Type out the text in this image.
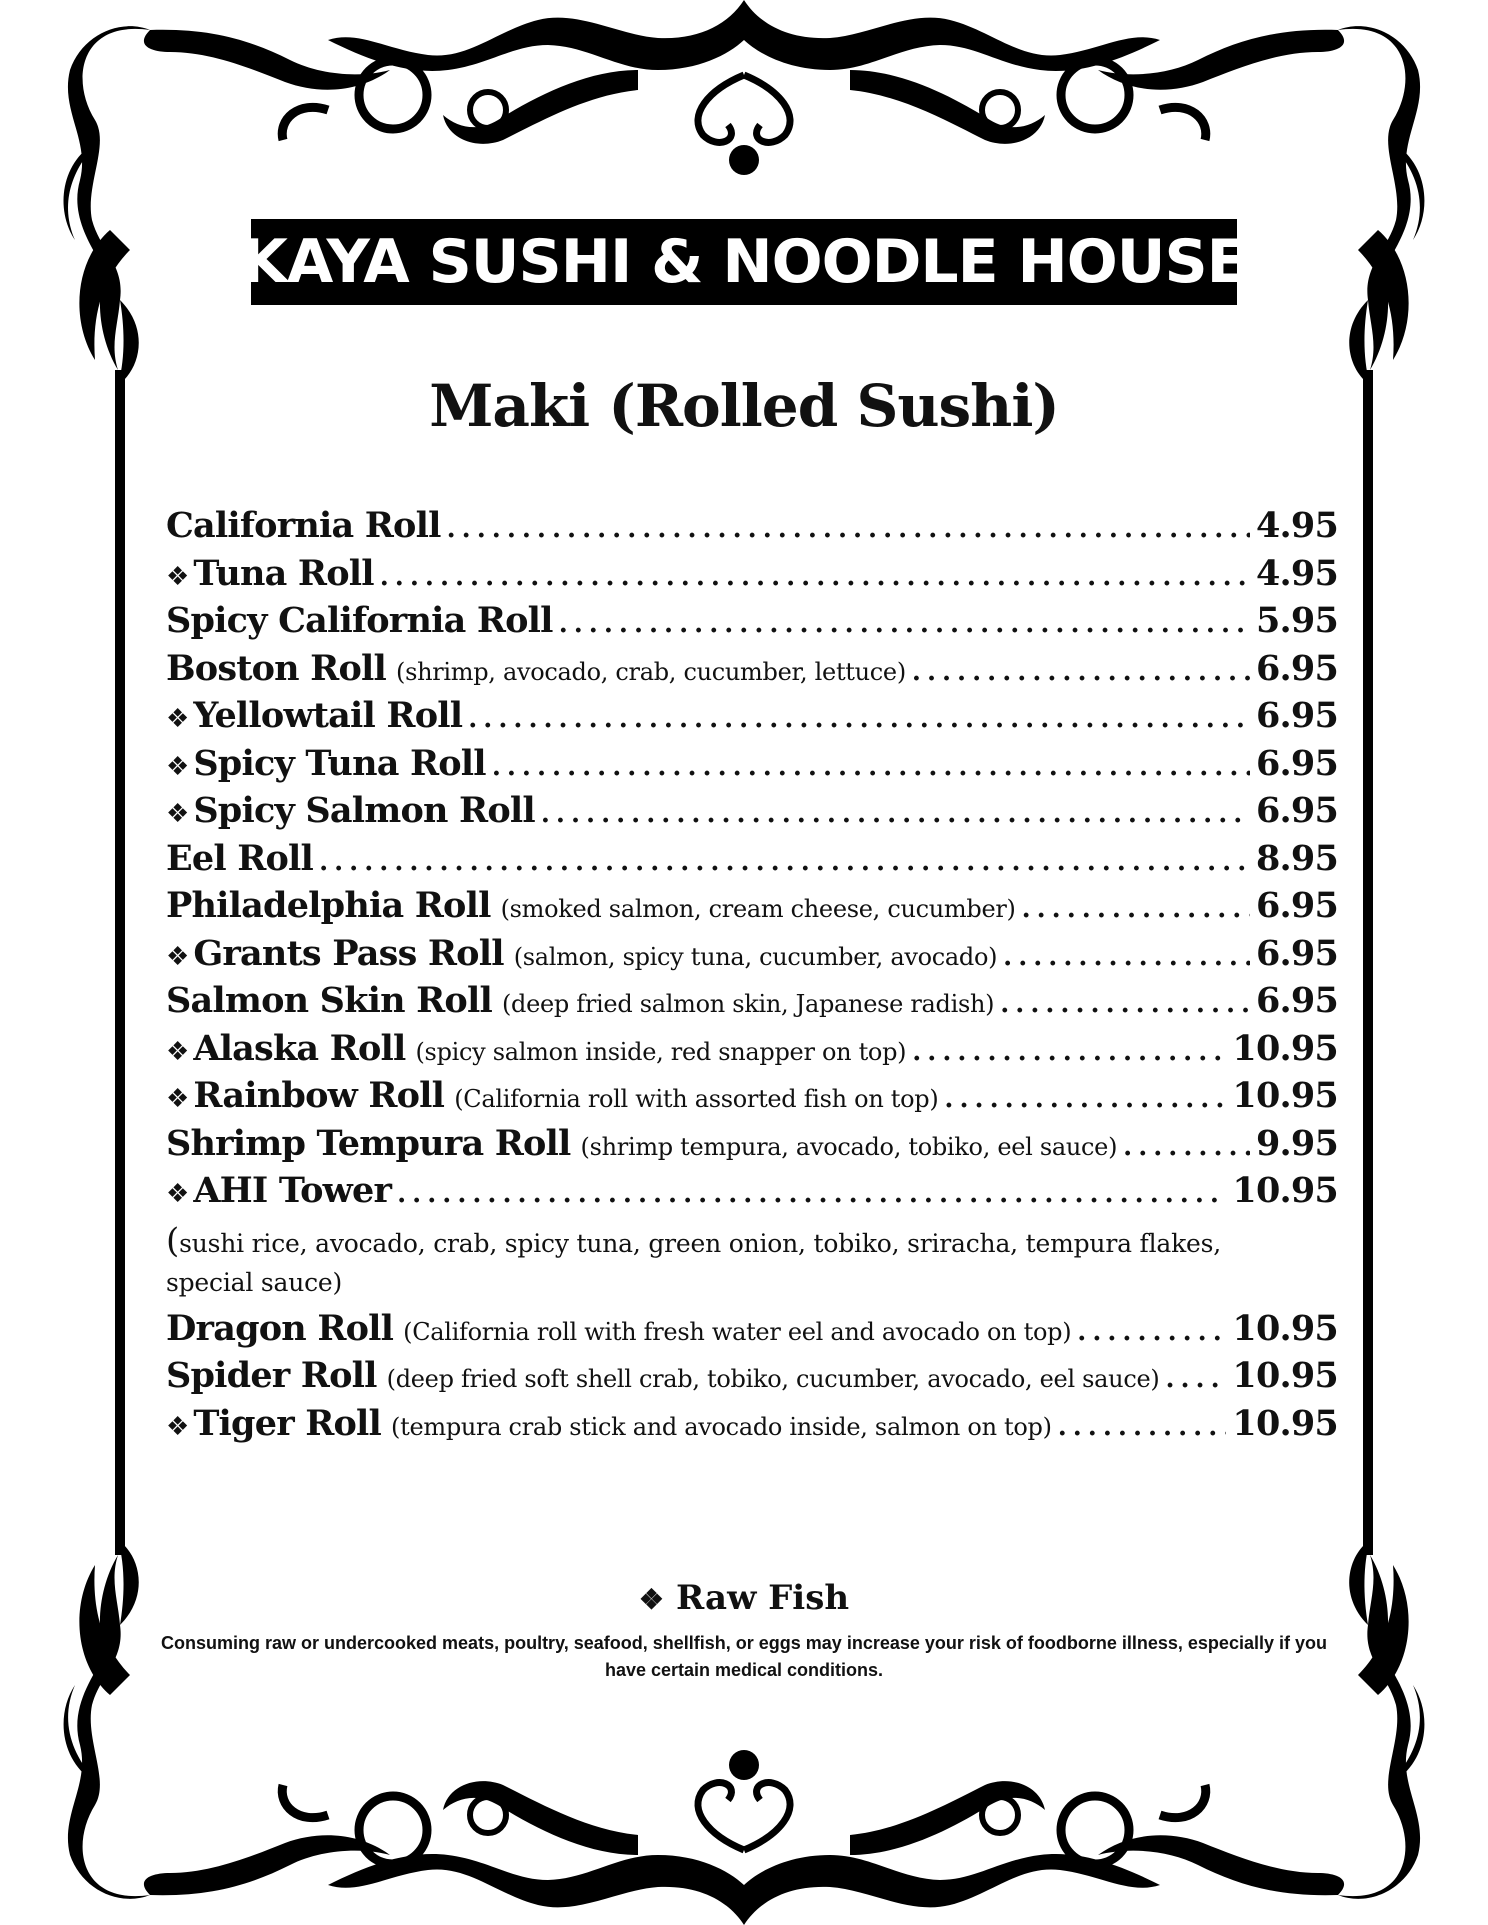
KAYA SUSHI & NOODLE HOUSE
Maki (Rolled Sushi)
California Roll .....	4.95
❖ Tuna Roll .....	4.95
Spicy California Roll .....	5.95
Boston Roll (shrimp, avocado, crab, cucumber, lettuce) .....	6.95
❖ Yellowtail Roll .....	6.95
❖ Spicy Tuna Roll .....	6.95
❖ Spicy Salmon Roll .....	6.95
Eel Roll .....	8.95
Philadelphia Roll (smoked salmon, cream cheese, cucumber) .....	6.95
❖ Grants Pass Roll (salmon, spicy tuna, cucumber, avocado) .....	6.95
Salmon Skin Roll (deep fried salmon skin, Japanese radish) .....	6.95
❖ Alaska Roll (spicy salmon inside, red snapper on top) .....	10.95
❖ Rainbow Roll (California roll with assorted fish on top) .....	10.95
Shrimp Tempura Roll (shrimp tempura, avocado, tobiko, eel sauce) .....	9.95
❖ AHI Tower .....	10.95
(sushi rice, avocado, crab, spicy tuna, green onion, tobiko, sriracha, tempura flakes, special sauce)
Dragon Roll (California roll with fresh water eel and avocado on top) .....	10.95
Spider Roll (deep fried soft shell crab, tobiko, cucumber, avocado, eel sauce) ..... 10.95
❖ Tiger Roll (tempura crab stick and avocado inside, salmon on top) .....	10.95
❖ Raw Fish
Consuming raw or undercooked meats, poultry, seafood, shellfish, or eggs may increase your risk of foodborne illness, especially if you have certain medical conditions.
